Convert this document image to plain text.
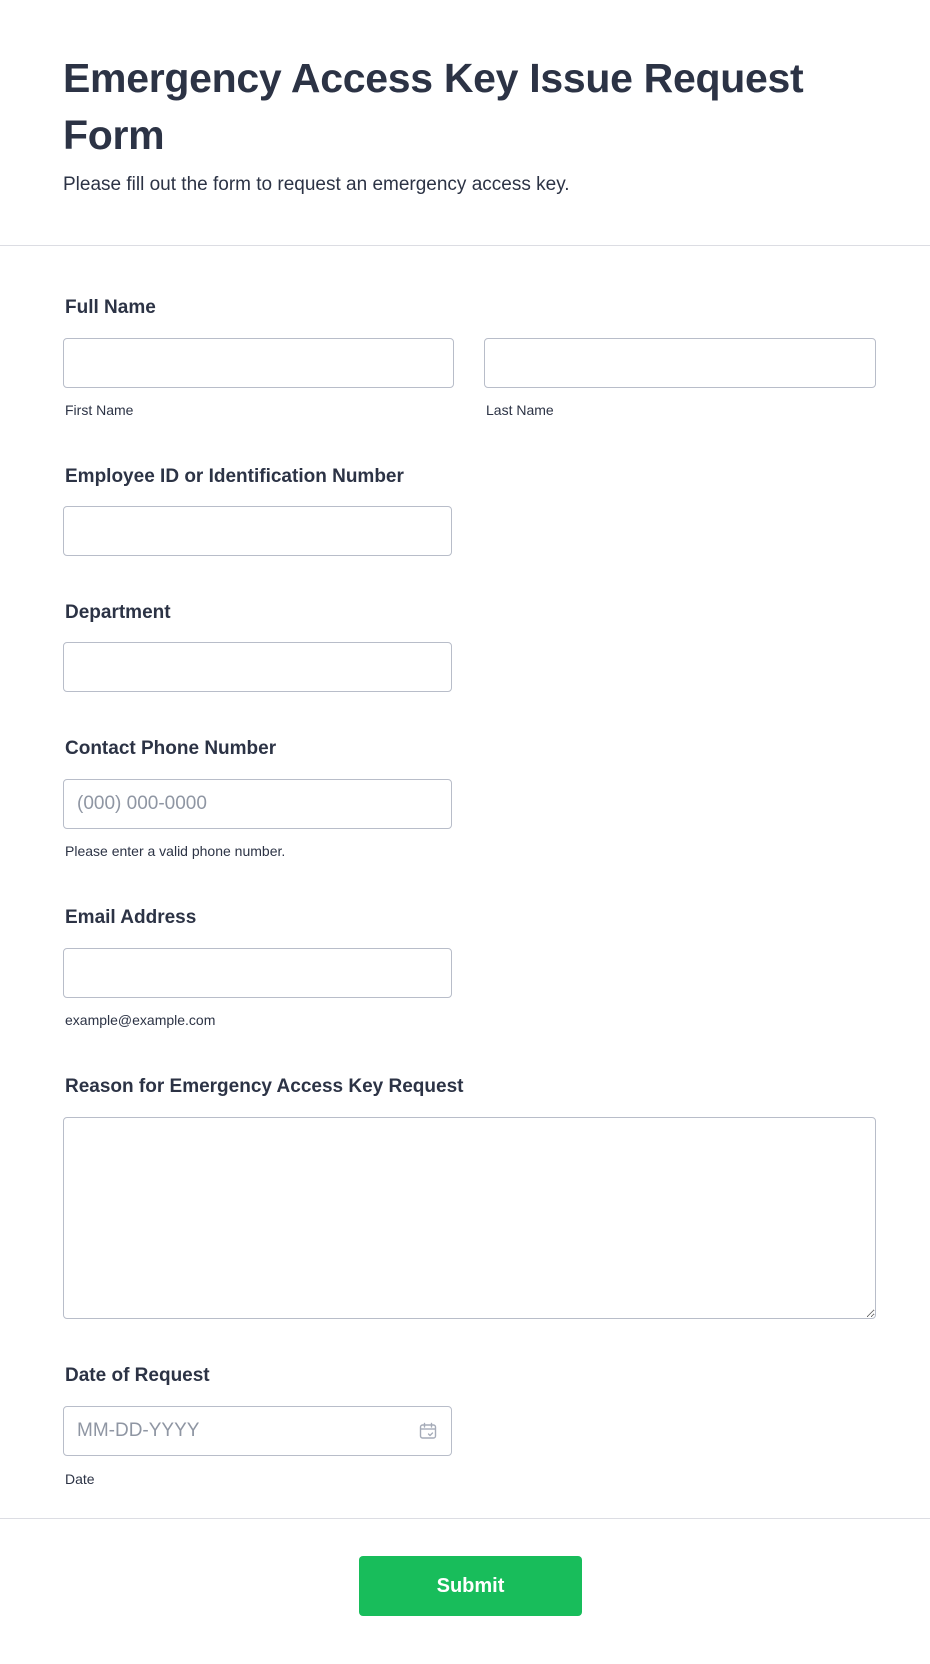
Emergency Access Key Issue Request Form
Please fill out the form to request an emergency access key.
Full Name
First Name	Last Name
Employee ID or Identification Number
Department
Contact Phone Number
(000) 000-0000
Please enter a valid phone number.
Email Address
example@example.com
Reason for Emergency Access Key Request
Date of Request
MM-DD-YYYY
Date
Submit
